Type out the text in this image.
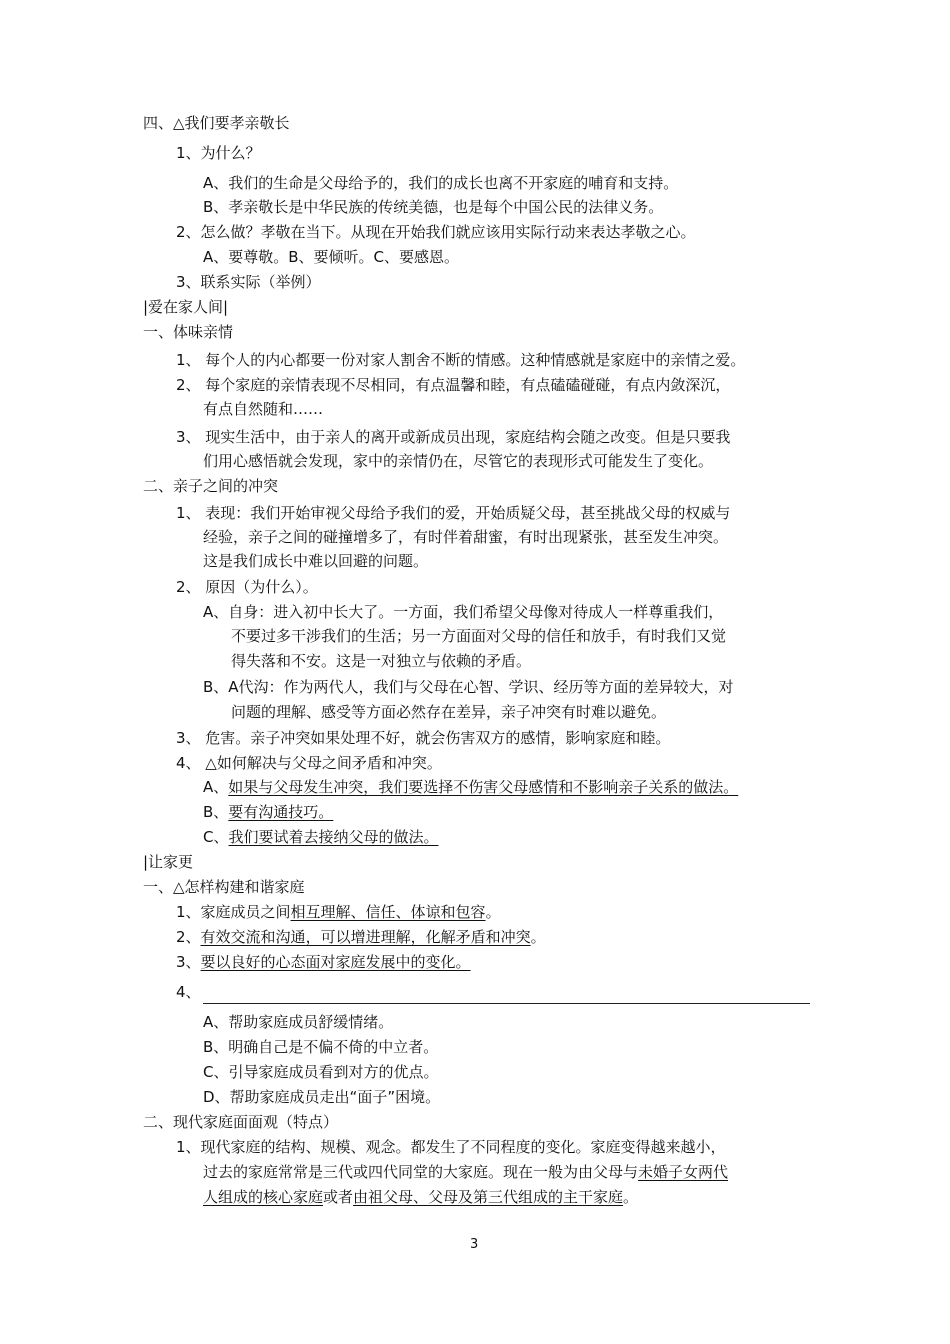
四、△我们要孝亲敬长
1、为什么？
A、我们的生命是父母给予的，我们的成长也离不开家庭的哺育和支持。
B、孝亲敬长是中华民族的传统美德，也是每个中国公民的法律义务。
2、怎么做？孝敬在当下。从现在开始我们就应该用实际行动来表达孝敬之心。
A、要尊敬。B、要倾听。C、要感恩。
3、联系实际（举例）
|爱在家人间|
一、体味亲情
1、 每个人的内心都要一份对家人割舍不断的情感。这种情感就是家庭中的亲情之爱。
2、 每个家庭的亲情表现不尽相同，有点温馨和睦，有点磕磕碰碰，有点内敛深沉，
有点自然随和……
3、 现实生活中，由于亲人的离开或新成员出现，家庭结构会随之改变。但是只要我
们用心感悟就会发现，家中的亲情仍在，尽管它的表现形式可能发生了变化。
二、亲子之间的冲突
1、 表现：我们开始审视父母给予我们的爱，开始质疑父母，甚至挑战父母的权威与
经验，亲子之间的碰撞增多了，有时伴着甜蜜，有时出现紧张，甚至发生冲突。
这是我们成长中难以回避的问题。
2、 原因（为什么）。
A、自身：进入初中长大了。一方面，我们希望父母像对待成人一样尊重我们，
不要过多干涉我们的生活；另一方面面对父母的信任和放手，有时我们又觉
得失落和不安。这是一对独立与依赖的矛盾。
B、A代沟：作为两代人，我们与父母在心智、学识、经历等方面的差异较大，对
问题的理解、感受等方面必然存在差异，亲子冲突有时难以避免。
3、 危害。亲子冲突如果处理不好，就会伤害双方的感情，影响家庭和睦。
4、 △如何解决与父母之间矛盾和冲突。
A、如果与父母发生冲突，我们要选择不伤害父母感情和不影响亲子关系的做法。
B、要有沟通技巧。
C、我们要试着去接纳父母的做法。
|让家更
一、△怎样构建和谐家庭
1、家庭成员之间相互理解、信任、体谅和包容。
2、有效交流和沟通，可以增进理解，化解矛盾和冲突。
3、要以良好的心态面对家庭发展中的变化。
4、
A、帮助家庭成员舒缓情绪。
B、明确自己是不偏不倚的中立者。
C、引导家庭成员看到对方的优点。
D、帮助家庭成员走出“面子”困境。
二、现代家庭面面观（特点）
1、现代家庭的结构、规模、观念。都发生了不同程度的变化。家庭变得越来越小，
过去的家庭常常是三代或四代同堂的大家庭。现在一般为由父母与未婚子女两代
人组成的核心家庭或者由祖父母、父母及第三代组成的主干家庭。
3
